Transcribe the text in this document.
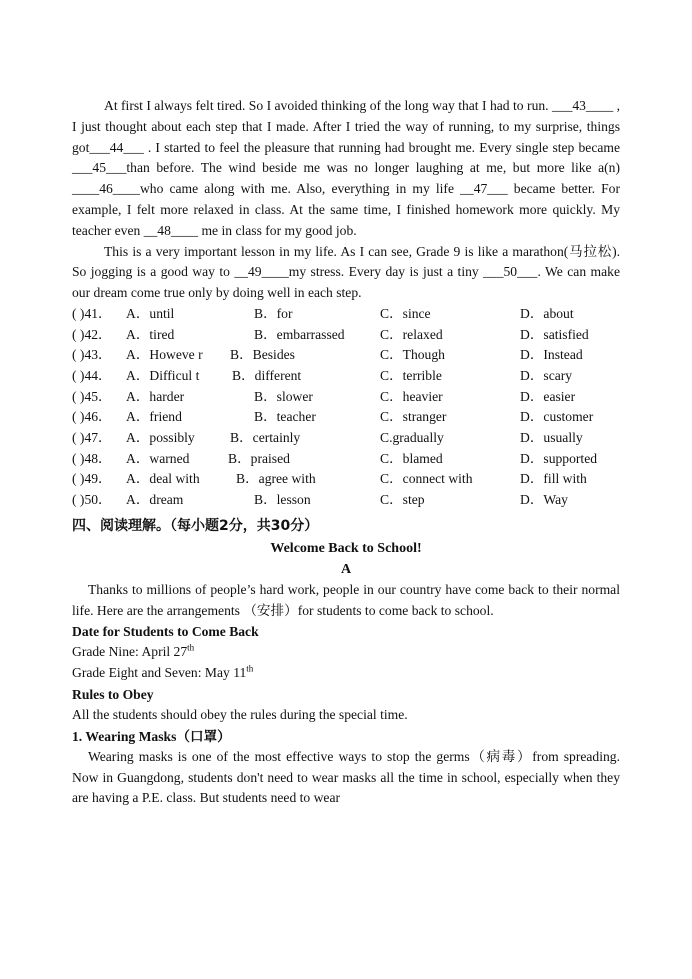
At first I always felt tired. So I avoided thinking of the long way that I had to run. ___43____ , I just thought about each step that I made. After I tried the way of running, to my surprise, things got___44___ . I started to feel the pleasure that running had brought me. Every single step became ___45___than before. The wind beside me was no longer laughing at me, but more like a(n) ____46____who came along with me. Also, everything in my life __47___ became better. For example, I felt more relaxed in class. At the same time, I finished homework more quickly. My teacher even __48____ me in class for my good job.

This is a very important lesson in my life. As I can see, Grade 9 is like a marathon(马拉松). So jogging is a good way to __49____my stress. Every day is just a tiny ___50___. We can make our dream come true only by doing well in each step.

( )41．	A．until	B．for	C．since	D．about
( )42．	A．tired	B．embarrassed	C．relaxed	D．satisfied
( )43．	A．Howeve r	B．Besides	C．Though	D．Instead
( )44．	A．Difficul t	B．different	C．terrible	D．scary
( )45．	A．harder	B．slower	C．heavier	D．easier
( )46．	A．friend	B．teacher	C．stranger	D．customer
( )47．	A．possibly	B．certainly	C.gradually	D．usually
( )48．	A．warned	B．praised	C．blamed	D．supported
( )49．	A．deal with	B．agree with	C．connect with	D．fill with
( )50．	A．dream	B．lesson	C．step	D．Way
四、阅读理解。（每小题2分，共30分）
Welcome Back to School!
A

Thanks to millions of people’s hard work, people in our country have come back to their normal life. Here are the arrangements （安排）for students to come back to school.

Date for Students to Come Back

Grade Nine: April 27th

Grade Eight and Seven: May 11th

Rules to Obey

All the students should obey the rules during the special time.

1. Wearing Masks（口罩）

Wearing masks is one of the most effective ways to stop the germs（病毒）from spreading. Now in Guangdong, students don't need to wear masks all the time in school, especially when they are having a P.E. class. But students need to wear
